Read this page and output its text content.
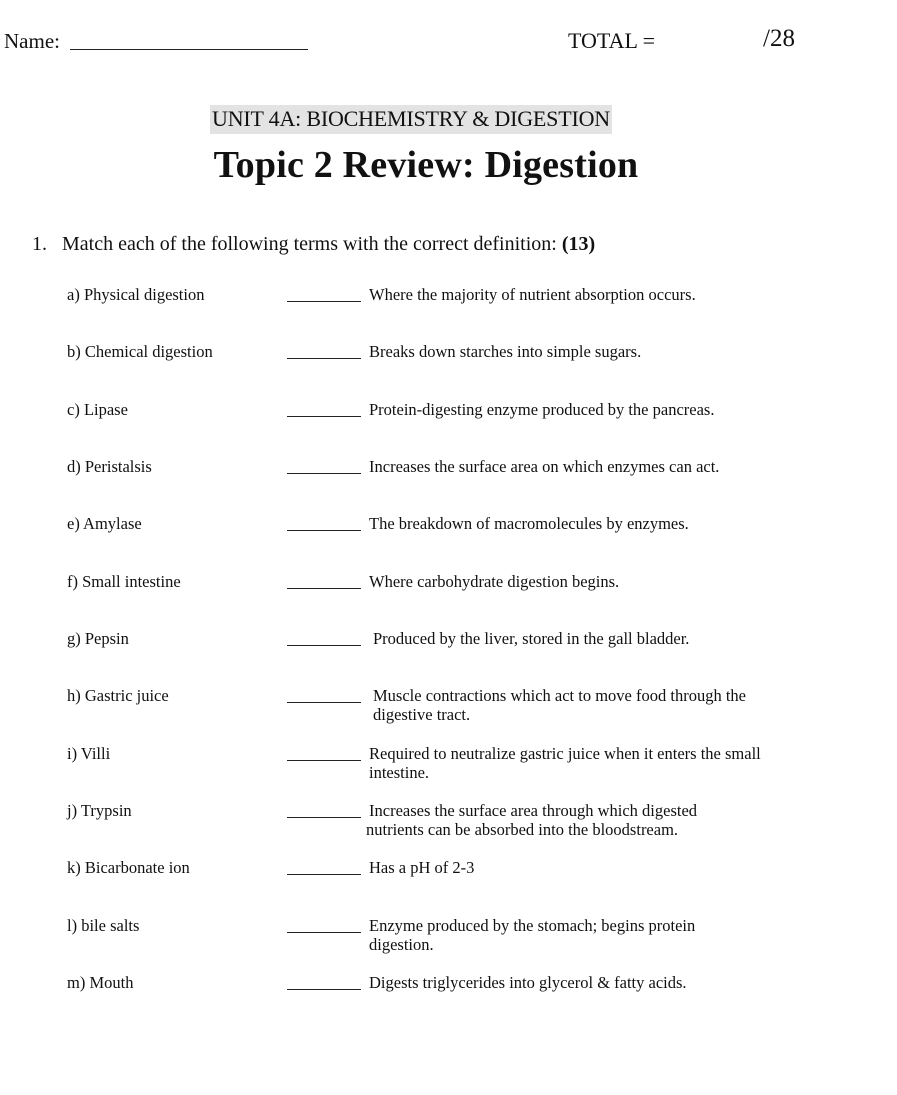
Name:	TOTAL =	/28
UNIT 4A: BIOCHEMISTRY & DIGESTION
Topic 2 Review: Digestion
1. Match each of the following terms with the correct definition: (13)
a) Physical digestion	Where the majority of nutrient absorption occurs.
b) Chemical digestion	Breaks down starches into simple sugars.
c) Lipase	Protein-digesting enzyme produced by the pancreas.
d) Peristalsis	Increases the surface area on which enzymes can act.
e) Amylase	The breakdown of macromolecules by enzymes.
f) Small intestine	Where carbohydrate digestion begins.
g) Pepsin	Produced by the liver, stored in the gall bladder.
h) Gastric juice	Muscle contractions which act to move food through the digestive tract.
i) Villi	Required to neutralize gastric juice when it enters the small intestine.
j) Trypsin	Increases the surface area through which digested nutrients can be absorbed into the bloodstream.
k) Bicarbonate ion	Has a pH of 2-3
l) bile salts	Enzyme produced by the stomach; begins protein digestion.
m) Mouth	Digests triglycerides into glycerol & fatty acids.
